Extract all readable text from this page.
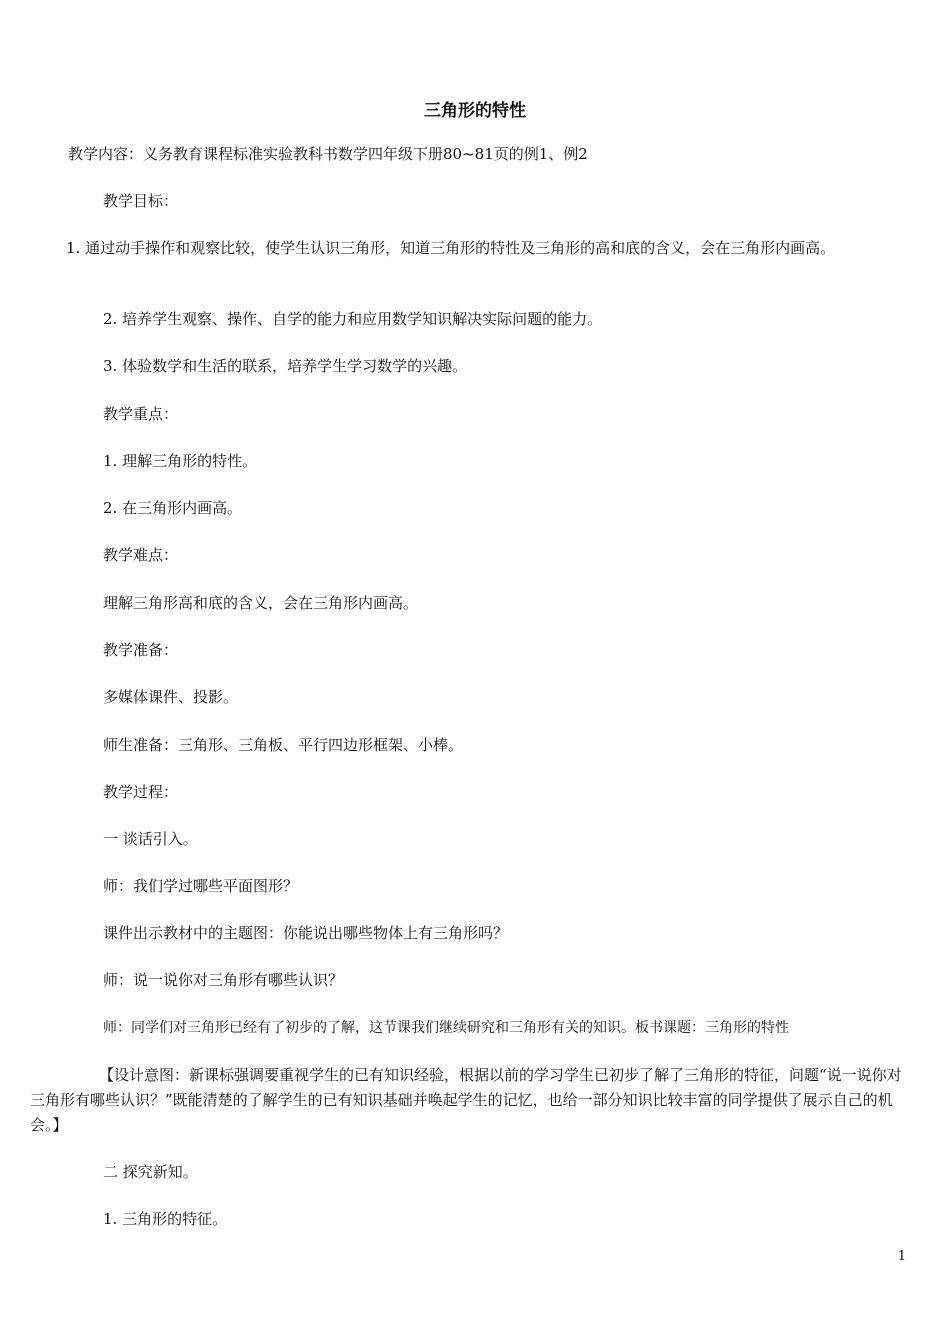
三角形的特性
教学内容：义务教育课程标准实验教科书数学四年级下册80~81页的例1、例2
教学目标：
1. 通过动手操作和观察比较，使学生认识三角形，知道三角形的特性及三角形的高和底的含义，会在三角形内画高。
2. 培养学生观察、操作、自学的能力和应用数学知识解决实际问题的能力。
3. 体验数学和生活的联系，培养学生学习数学的兴趣。
教学重点：
1. 理解三角形的特性。
2. 在三角形内画高。
教学难点：
理解三角形高和底的含义，会在三角形内画高。
教学准备：
多媒体课件、投影。
师生准备：三角形、三角板、平行四边形框架、小棒。
教学过程：
一 谈话引入。
师：我们学过哪些平面图形？
课件出示教材中的主题图：你能说出哪些物体上有三角形吗？
师：说一说你对三角形有哪些认识？
师：同学们对三角形已经有了初步的了解，这节课我们继续研究和三角形有关的知识。板书课题：三角形的特性
【设计意图：新课标强调要重视学生的已有知识经验，根据以前的学习学生已初步了解了三角形的特征，问题“说一说你对三角形有哪些认识？”既能清楚的了解学生的已有知识基础并唤起学生的记忆，也给一部分知识比较丰富的同学提供了展示自己的机会。】
二 探究新知。
1. 三角形的特征。
1
